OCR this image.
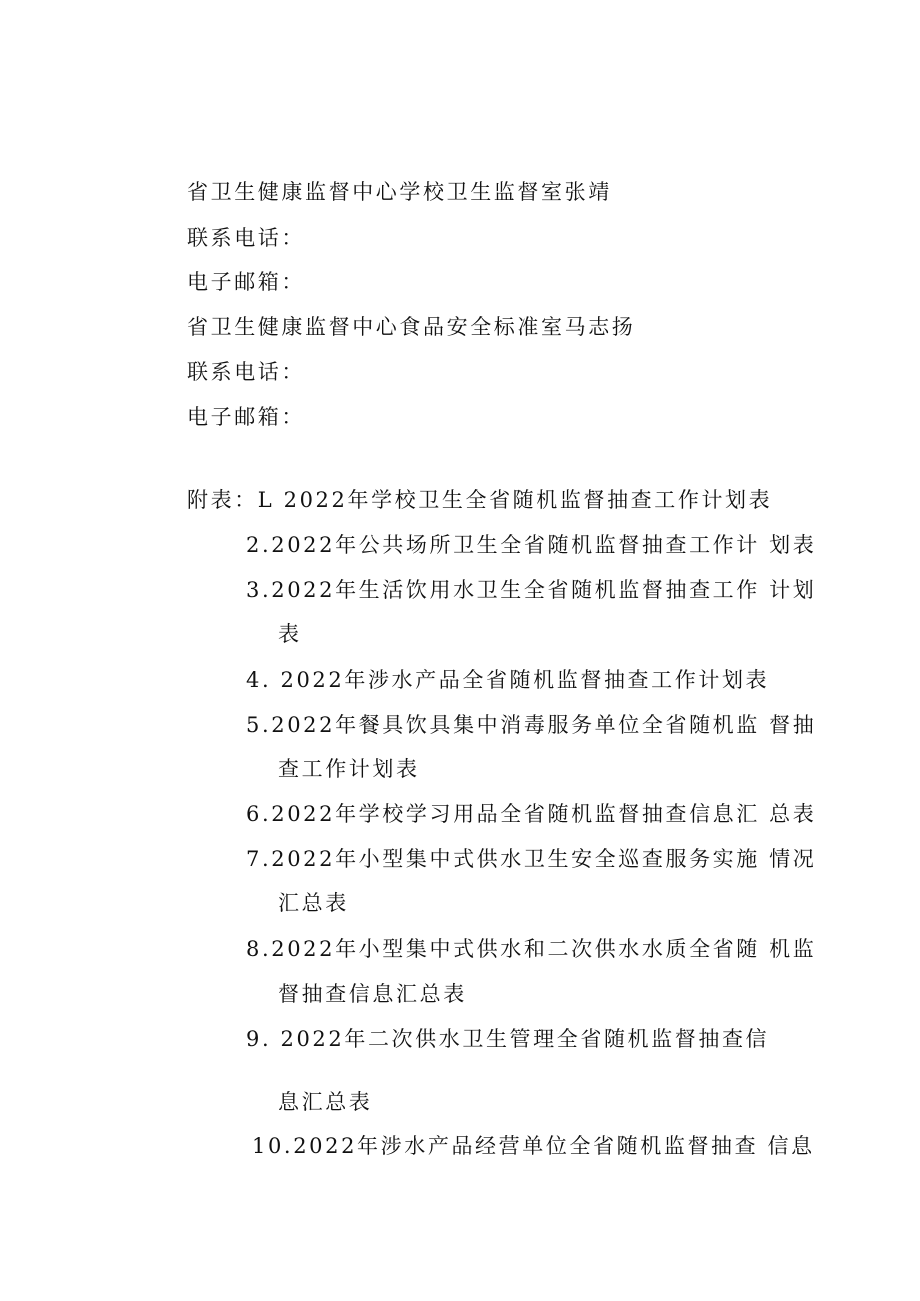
省卫生健康监督中心学校卫生监督室张靖
联系电话：
电子邮箱：
省卫生健康监督中心食品安全标准室马志扬
联系电话：
电子邮箱：
附表：L 2022年学校卫生全省随机监督抽查工作计划表
2.2022年公共场所卫生全省随机监督抽查工作计 划表
3.2022年生活饮用水卫生全省随机监督抽查工作 计划
表
4. 2022年涉水产品全省随机监督抽查工作计划表
5.2022年餐具饮具集中消毒服务单位全省随机监 督抽
查工作计划表
6.2022年学校学习用品全省随机监督抽查信息汇 总表
7.2022年小型集中式供水卫生安全巡查服务实施 情况
汇总表
8.2022年小型集中式供水和二次供水水质全省随 机监
督抽查信息汇总表
9. 2022年二次供水卫生管理全省随机监督抽查信
息汇总表
10.2022年涉水产品经营单位全省随机监督抽查 信息
